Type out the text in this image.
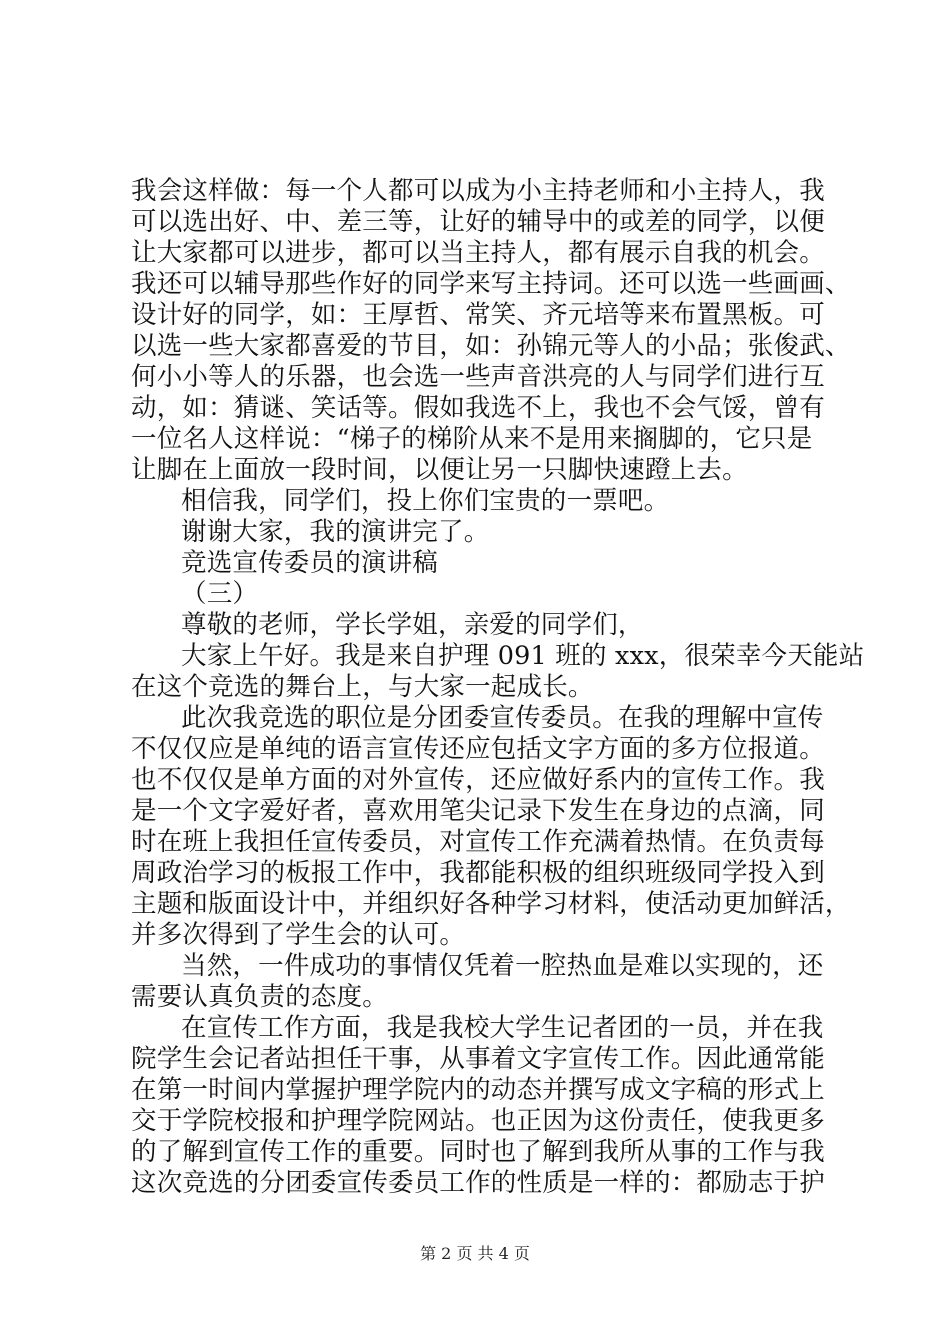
我会这样做：每一个人都可以成为小主持老师和小主持人，我
可以选出好、中、差三等，让好的辅导中的或差的同学，以便
让大家都可以进步，都可以当主持人，都有展示自我的机会。
我还可以辅导那些作好的同学来写主持词。还可以选一些画画、
设计好的同学，如：王厚哲、常笑、齐元培等来布置黑板。可
以选一些大家都喜爱的节目，如：孙锦元等人的小品；张俊武、
何小小等人的乐器，也会选一些声音洪亮的人与同学们进行互
动，如：猜谜、笑话等。假如我选不上，我也不会气馁，曾有
一位名人这样说：“梯子的梯阶从来不是用来搁脚的，它只是
让脚在上面放一段时间，以便让另一只脚快速蹬上去。
相信我，同学们，投上你们宝贵的一票吧。
谢谢大家，我的演讲完了。
竞选宣传委员的演讲稿
（三）
尊敬的老师，学长学姐，亲爱的同学们，
大家上午好。我是来自护理 091 班的 xxx，很荣幸今天能站
在这个竞选的舞台上，与大家一起成长。
此次我竞选的职位是分团委宣传委员。在我的理解中宣传
不仅仅应是单纯的语言宣传还应包括文字方面的多方位报道。
也不仅仅是单方面的对外宣传，还应做好系内的宣传工作。我
是一个文字爱好者，喜欢用笔尖记录下发生在身边的点滴，同
时在班上我担任宣传委员，对宣传工作充满着热情。在负责每
周政治学习的板报工作中，我都能积极的组织班级同学投入到
主题和版面设计中，并组织好各种学习材料，使活动更加鲜活，
并多次得到了学生会的认可。
当然，一件成功的事情仅凭着一腔热血是难以实现的，还
需要认真负责的态度。
在宣传工作方面，我是我校大学生记者团的一员，并在我
院学生会记者站担任干事，从事着文字宣传工作。因此通常能
在第一时间内掌握护理学院内的动态并撰写成文字稿的形式上
交于学院校报和护理学院网站。也正因为这份责任，使我更多
的了解到宣传工作的重要。同时也了解到我所从事的工作与我
这次竞选的分团委宣传委员工作的性质是一样的：都励志于护
第 2 页 共 4 页
